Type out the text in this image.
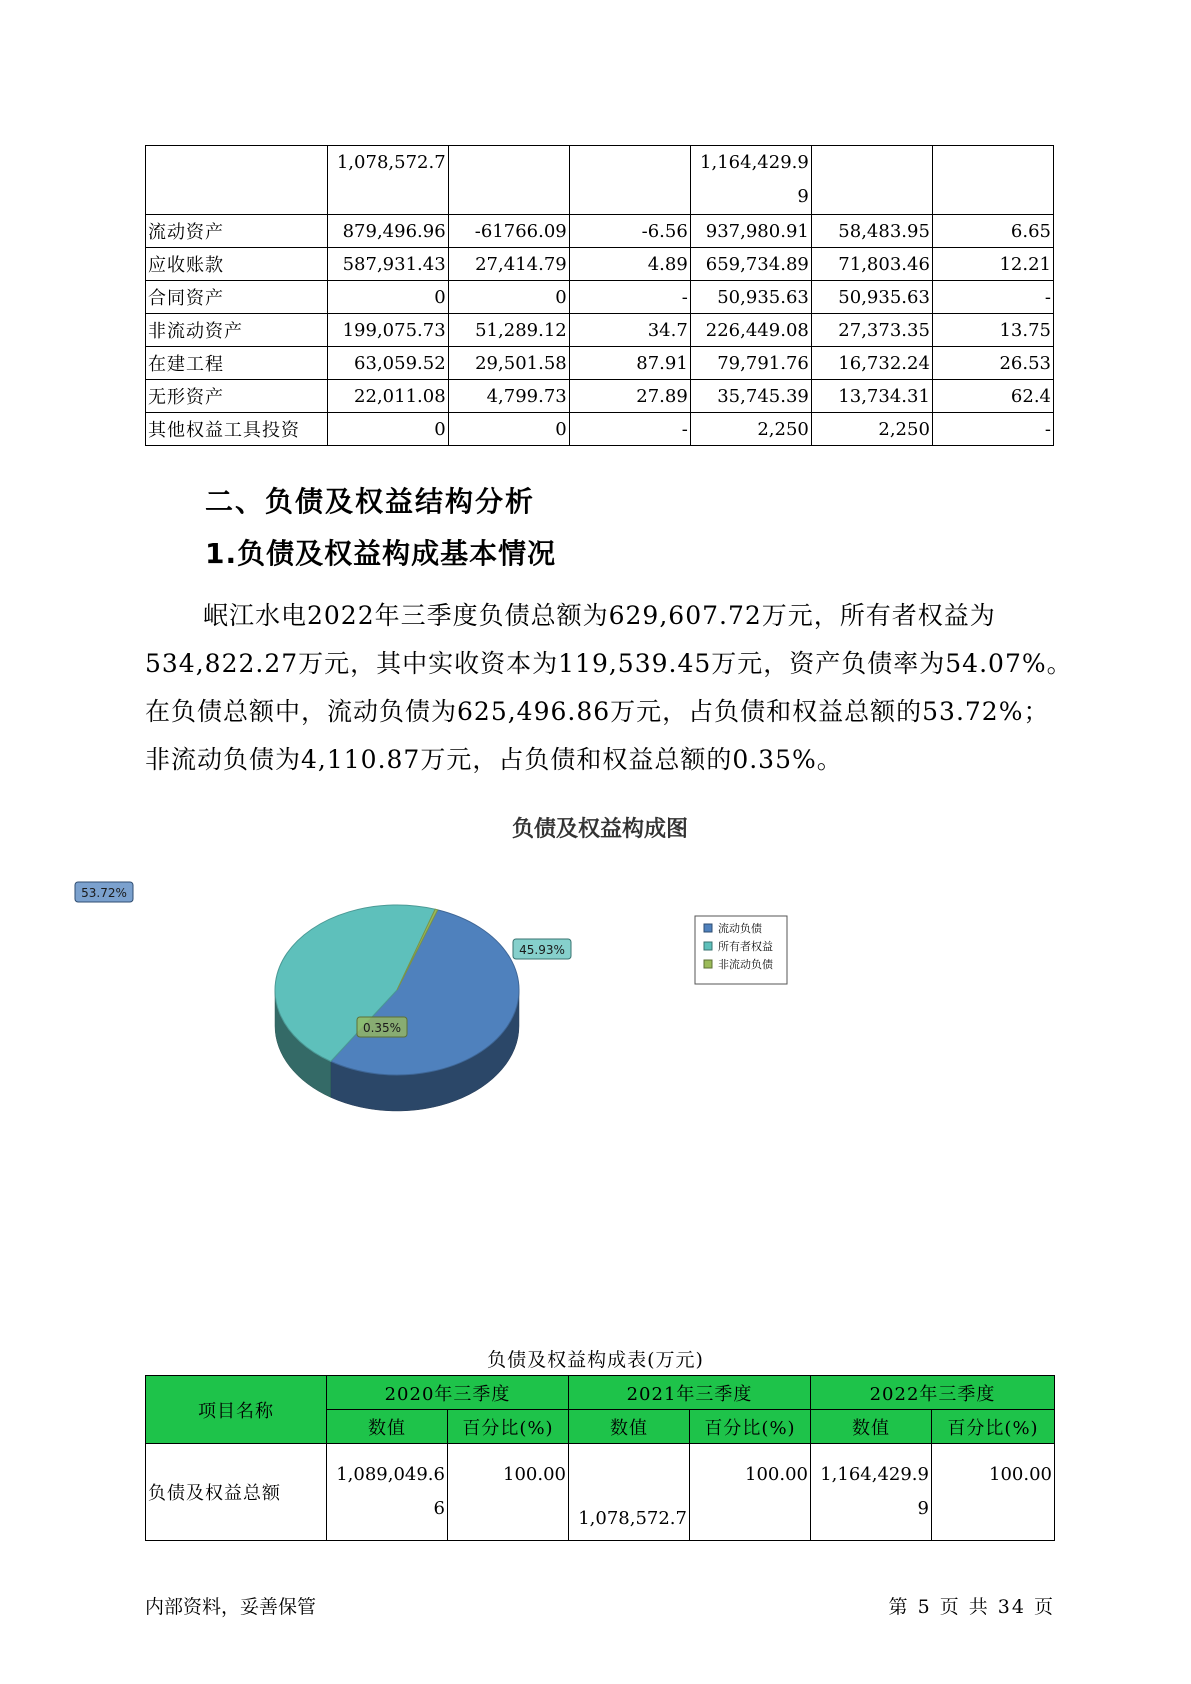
	1,078,572.7			1,164,429.9
9		
流动资产	879,496.96	-61766.09	-6.56	937,980.91	58,483.95	6.65
应收账款	587,931.43	27,414.79	4.89	659,734.89	71,803.46	12.21
合同资产	0	0	-	50,935.63	50,935.63	-
非流动资产	199,075.73	51,289.12	34.7	226,449.08	27,373.35	13.75
在建工程	63,059.52	29,501.58	87.91	79,791.76	16,732.24	26.53
无形资产	22,011.08	4,799.73	27.89	35,745.39	13,734.31	62.4
其他权益工具投资	0	0	-	2,250	2,250	-
二、负债及权益结构分析
1.负债及权益构成基本情况
岷江水电2022年三季度负债总额为629,607.72万元，所有者权益为
534,822.27万元，其中实收资本为119,539.45万元，资产负债率为54.07%。
在负债总额中，流动负债为625,496.86万元，占负债和权益总额的53.72%；
非流动负债为4,110.87万元，占负债和权益总额的0.35%。
负债及权益构成图
53.72%
45.93%
0.35%
流动负债
所有者权益
非流动负债
负债及权益构成表(万元)
项目名称	2020年三季度		2021年三季度		2022年三季度	
	数值	百分比(%)	数值	百分比(%)	数值	百分比(%)
负债及权益总额	1,089,049.6
6	100.00	1,078,572.7	100.00	1,164,429.9
9	100.00
内部资料，妥善保管	第 5 页 共 34 页
